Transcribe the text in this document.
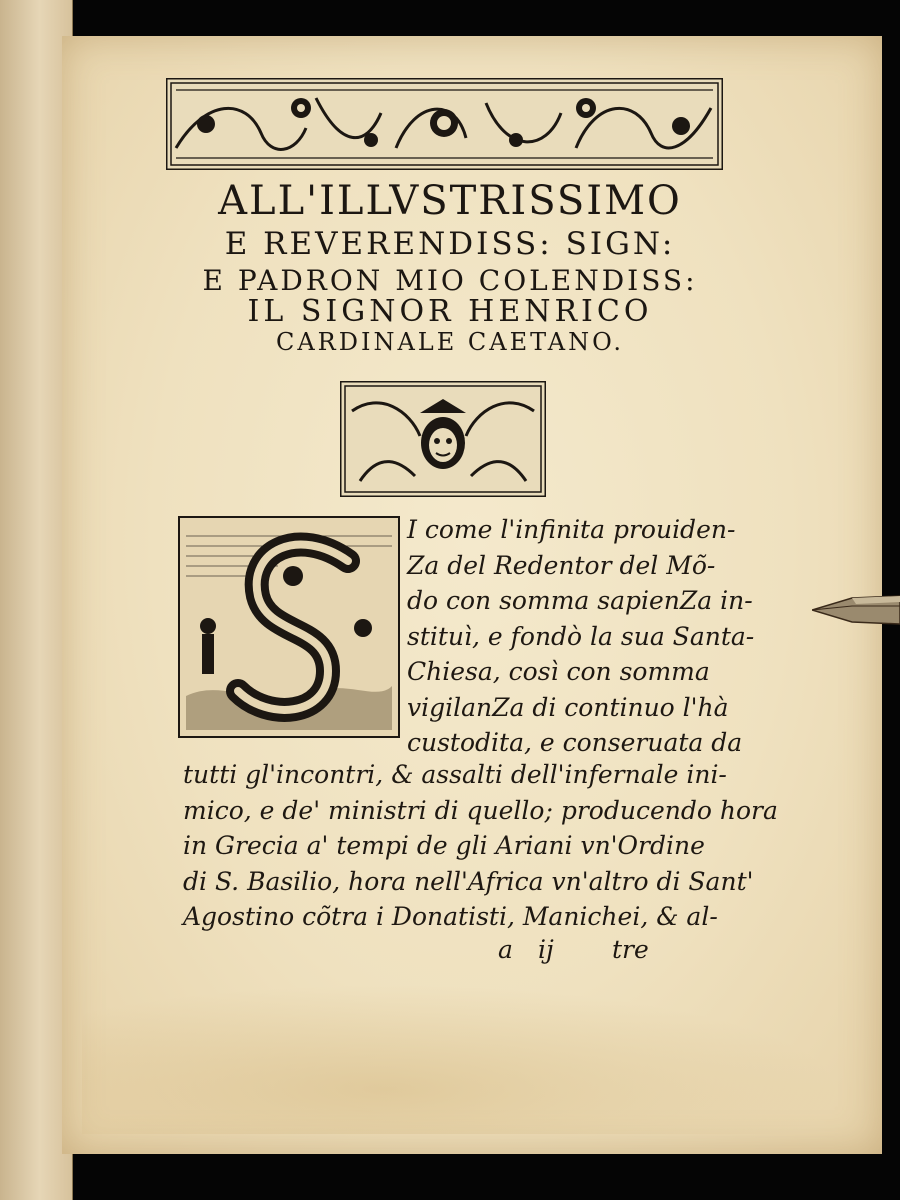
ALL'ILLVSTRISSIMO
E REVERENDISS: SIGN:
E PADRON MIO COLENDISS:
IL SIGNOR HENRICO
CARDINALE CAETANO.
I come l'infinita prouiden-
Za del Redentor del Mõ-
do con somma sapienZa in-
stituì, e fondò la sua Santa-
Chiesa, così con somma
vigilanZa di continuo l'hà
custodita, e conseruata da
tutti gl'incontri, & assalti dell'infernale ini-
mico, e de' ministri di quello; producendo hora
in Grecia a' tempi de gli Ariani vn'Ordine
di S. Basilio, hora nell'Africa vn'altro di Sant'
Agostino cõtra i Donatisti, Manichei, & al-
a ij tre
